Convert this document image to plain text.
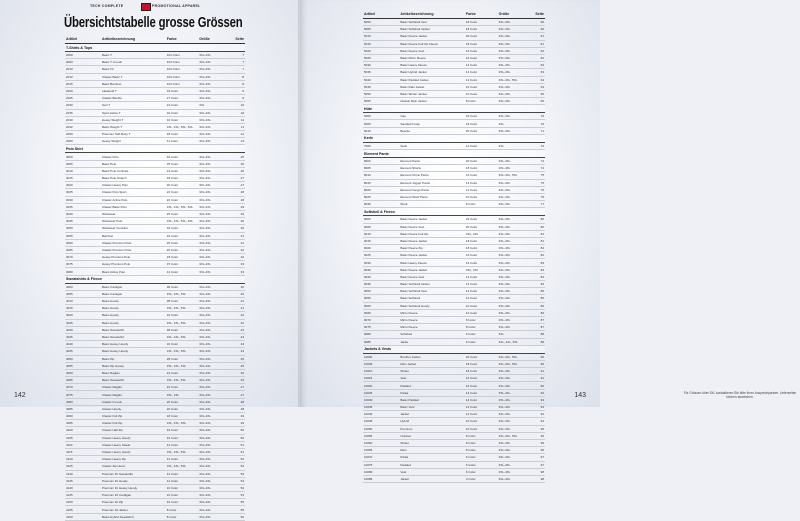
TECH COMPLETE	PROMOTIONAL APPAREL
Übersichtstabelle grosse Grössen
Artikel	Artikelbezeichnung	Farbe	Größe	Seite
T-Shirts & Tops				
2000	Basic T	103 Color	3XL-4XL	7
2003	Basic T V-neck	103 Color	3XL-4XL	7
2010	Basic Fit	103 Color	3XL-4XL	7
2012	Classic Basic T	103 Color	3XL-4XL	8
2015	Basic Bamboo	103 Color	3XL-4XL	8
2020	Lakeland T	33 Color	3XL-4XL	9
2025	Classic Bambu	27 Color	3XL-4XL	9
2030	Surf T	24 Color	3XL	10
2035	Sport Active T	32 Color	3XL-4XL	10
2040	Heavy Weight T	32 Color	3XL-4XL	11
2042	Basic Weight T	3XL, 4XL, 5XL, 6XL	3XL-4XL	11
2050	Premium Soft Body T	18 Color	3XL-4XL	12
2060	Heavy Weight	11 Color	3XL-4XL	13
Polo Shirt				
3000	Classic Polo	46 Color	3XL-4XL	25
3005	Basic Polo	35 Color	3XL-4XL	26
3010	Basic Polo Contrast	24 Color	3XL-4XL	26
3015	Basic Polo Stretch	18 Color	3XL-4XL	27
3020	Classic Heavy Polo	30 Color	3XL-4XL	27
3025	Classic Polo Sport	22 Color	3XL-4XL	28
3030	Classic Active Polo	22 Color	3XL-4XL	28
3035	Classic Basic Polo	3XL, 4XL, 5XL, 6XL	3XL-4XL	29
3040	Workwear	25 Color	3XL-4XL	29
3045	Workwear Polo	3XL, 4XL, 5XL, 6XL	3XL-4XL	30
3050	Workwear Contrast	18 Color	3XL-4XL	30
3055	Bamboo	22 Color	3XL-4XL	31
3060	Classic Premium Polo	20 Color	3XL-4XL	31
3065	Classic Premium Polo	20 Color	3XL-4XL	32
3070	Heavy Premium Polo	18 Color	3XL-4XL	32
3075	Heavy Premium Polo	15 Color	3XL-4XL	33
3080	Basic Active Polo	12 Color	3XL-4XL	33
Sweatshirts & Fleece				
4000	Basic Cardigan	38 Color	3XL-4XL	40
4005	Basic Cardigan	3XL, 4XL, 5XL	3XL-4XL	40
4010	Basic Hoody	38 Color	3XL-4XL	41
4015	Basic Hoody	3XL, 4XL, 5XL	3XL-4XL	41
4020	Basic Hoody	32 Color	3XL-4XL	42
4025	Basic Hoody	3XL, 4XL, 5XL	3XL-4XL	42
4030	Basic Sweatshirt	38 Color	3XL-4XL	43
4035	Basic Sweatshirt	3XL, 4XL, 5XL	3XL-4XL	43
4040	Basic Heavy Hoody	32 Color	3XL-4XL	44
4045	Basic Heavy Hoody	3XL, 4XL, 5XL	3XL-4XL	44
4050	Basic Zip	28 Color	3XL-4XL	45
4055	Basic Zip Hoody	3XL, 4XL, 5XL	3XL-4XL	45
4060	Basic Raglan	24 Color	3XL-4XL	46
4065	Basic Sweatshirt	3XL, 4XL, 5XL	3XL-4XL	46
4070	Classic Raglan	22 Color	3XL-4XL	47
4075	Classic Raglan	3XL, 4XL	3XL-4XL	47
4080	Classic P-neck	20 Color	3XL-4XL	48
4085	Classic Hoody	20 Color	3XL-4XL	48
4090	Classic Full Zip	18 Color	3XL-4XL	49
4095	Classic Full Zip	3XL, 4XL, 5XL	3XL-4XL	49
4100	Classic Half Zip	16 Color	3XL-4XL	50
4105	Classic Heavy Hoody	16 Color	3XL-4XL	50
4110	Classic Heavy Sweat	14 Color	3XL-4XL	51
4115	Classic Heavy Hoody	3XL, 4XL, 5XL	3XL-4XL	51
4120	Classic Heavy Zip	12 Color	3XL-4XL	52
4125	Classic Zip Hood	3XL, 4XL, 5XL	3XL-4XL	52
4130	Premium Fit Sweatshirt	12 Color	3XL-4XL	53
4135	Premium Fit Hoody	12 Color	3XL-4XL	53
4140	Premium Fit Heavy Hoody	10 Color	3XL-4XL	54
4145	Premium Fit Cardigan	10 Color	3XL-4XL	54
4150	Premium Fit Zip	10 Color	3XL-4XL	55
4155	Premium Fit Jacket	8 Color	3XL-4XL	55
4160	Basic Hybrid Sweatshirt	8 Color	3XL-4XL	56
142
Artikel	Artikelbezeichnung	Farbe	Größe	Seite
5000	Basic Softshell Vest	18 Color	3XL-4XL	60
5005	Basic Softshell Jacket	18 Color	3XL-4XL	60
5010	Basic Fleece Jacket	20 Color	3XL-4XL	61
5015	Basic Fleece Full Zip Fleece	18 Color	3XL-4XL	61
5020	Basic Fleece Vest	16 Color	3XL-4XL	62
5025	Basic Micro Fleece	16 Color	3XL-4XL	62
5030	Basic Heavy Fleece	14 Color	3XL-4XL	63
5035	Basic Hybrid Jacket	12 Color	3XL-4XL	63
5040	Basic Padded Jacket	12 Color	3XL-4XL, 5XL	64
5045	Basic Rain Jacket	10 Color	3XL-4XL	64
5050	Basic Winter Jacket	10 Color	3XL-4XL	65
5055	Classic Rain Jacket	8 Color	3XL-4XL	65
Hüte				
6000	Cap	24 Color	3XL-4XL	70
6005	Sandwich Cap	18 Color	3XL	70
6010	Beanie	20 Color	3XL-4XL	71
Kerle				
7000	Sock	12 Color	3XL	72
Element Pants				
8000	Element Pants	20 Color	3XL-4XL	74
8005	Element Shorts	18 Color	3XL-4XL	74
8010	Element Chino Pants	16 Color	3XL-4XL, 5XL	75
8015	Element Jogger Pants	14 Color	3XL-4XL	75
8020	Element Cargo Pants	12 Color	3XL-4XL	76
8025	Element Work Pants	10 Color	3XL-4XL	76
8030	Work	8 Color	3XL-4XL	77
Softshell & Fleece				
9000	Basic Fleece Jacket	22 Color	3XL-4XL	80
9005	Basic Fleece Vest	20 Color	3XL-4XL	80
9010	Basic Fleece Full Zip	3XL, 4XL	3XL-4XL	81
9015	Basic Fleece Jacket	18 Color	3XL-4XL	81
9020	Basic Fleece Zip	18 Color	3XL-4XL	82
9025	Basic Fleece Jacket	16 Color	3XL-4XL	82
9030	Basic Heavy Fleece	16 Color	3XL-4XL	83
9035	Basic Fleece Jacket	3XL, 4XL	3XL-4XL	83
9040	Basic Fleece Vest	14 Color	3XL-4XL	84
9045	Basic Softshell Jacket	14 Color	3XL-4XL	84
9050	Basic Softshell Vest	12 Color	3XL-4XL	85
9055	Basic Softshell	12 Color	3XL-4XL	85
9060	Basic Softshell Hoody	10 Color	3XL-4XL	86
9065	Micro Fleece	10 Color	3XL-4XL	86
9070	Micro Fleece	8 Color	3XL-4XL	87
9075	Micro Fleece	8 Color	3XL-4XL	87
9080	Softshell	6 Color	3XL	88
9085	Jacke	6 Color	3XL, 4XL, 5XL	88
Jackets & Vests				
10000	Bomber Jacket	20 Color	3XL-4XL, 5XL	90
10005	Rain Jacket	18 Color	3XL-4XL, 5XL	90
10010	Winter	18 Color	3XL-4XL	91
10015	Vest	16 Color	3XL-4XL	91
10020	Padded	16 Color	3XL-4XL	92
10025	Parka	14 Color	3XL-4XL	92
10030	Basic Padded	14 Color	3XL-4XL	93
10035	Basic Vest	12 Color	3XL-4XL	93
10040	Jacket	12 Color	3XL-4XL	94
10045	Hybrid	10 Color	3XL-4XL	94
10050	Premium	10 Color	3XL-4XL	95
10055	Outdoor	8 Color	3XL-4XL, 5XL	95
10060	Winter	8 Color	3XL-4XL	96
10065	Rain	8 Color	3XL-4XL	96
10070	Parka	6 Color	3XL-4XL	97
10075	Padded	6 Color	3XL-4XL	97
10080	Vest	6 Color	3XL-4XL	98
10085	Jacket	4 Color	3XL-4XL	98
Für Grössen über 5XL kontaktieren Sie bitte Ihren Ansprechpartner. Lieferzeiten können abweichen.
143
